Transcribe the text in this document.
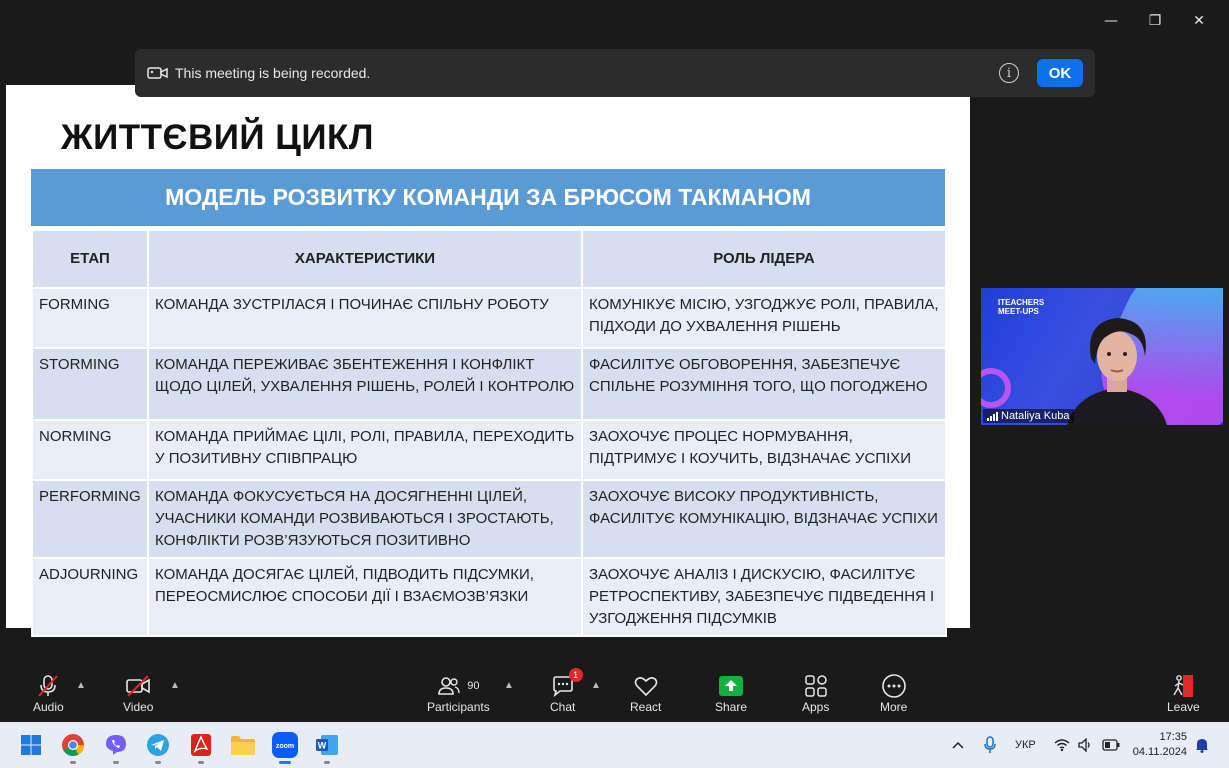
—	❐	✕
This meeting is being recorded.	i	OK
ЖИТТЄВИЙ ЦИКЛ
МОДЕЛЬ РОЗВИТКУ КОМАНДИ ЗА БРЮСОМ ТАКМАНОМ
ЕТАП	ХАРАКТЕРИСТИКИ	РОЛЬ ЛІДЕРА
FORMING	КОМАНДА ЗУСТРІЛАСЯ І ПОЧИНАЄ СПІЛЬНУ РОБОТУ	КОМУНІКУЄ МІСІЮ, УЗГОДЖУЄ РОЛІ, ПРАВИЛА, ПІДХОДИ ДО УХВАЛЕННЯ РІШЕНЬ
STORMING	КОМАНДА ПЕРЕЖИВАЄ ЗБЕНТЕЖЕННЯ І КОНФЛІКТ ЩОДО ЦІЛЕЙ, УХВАЛЕННЯ РІШЕНЬ, РОЛЕЙ І КОНТРОЛЮ	ФАСИЛІТУЄ ОБГОВОРЕННЯ, ЗАБЕЗПЕЧУЄ СПІЛЬНЕ РОЗУМІННЯ ТОГО, ЩО ПОГОДЖЕНО
NORMING	КОМАНДА ПРИЙМАЄ ЦІЛІ, РОЛІ, ПРАВИЛА, ПЕРЕХОДИТЬ У ПОЗИТИВНУ СПІВПРАЦЮ	ЗАОХОЧУЄ ПРОЦЕС НОРМУВАННЯ, ПІДТРИМУЄ І КОУЧИТЬ, ВІДЗНАЧАЄ УСПІХИ
PERFORMING	КОМАНДА ФОКУСУЄТЬСЯ НА ДОСЯГНЕННІ ЦІЛЕЙ, УЧАСНИКИ КОМАНДИ РОЗВИВАЮТЬСЯ І ЗРОСТАЮТЬ, КОНФЛІКТИ РОЗВ’ЯЗУЮТЬСЯ ПОЗИТИВНО	ЗАОХОЧУЄ ВИСОКУ ПРОДУКТИВНІСТЬ, ФАСИЛІТУЄ КОМУНІКАЦІЮ, ВІДЗНАЧАЄ УСПІХИ
ADJOURNING	КОМАНДА ДОСЯГАЄ ЦІЛЕЙ, ПІДВОДИТЬ ПІДСУМКИ, ПЕРЕОСМИСЛЮЄ СПОСОБИ ДІЇ І ВЗАЄМОЗВ’ЯЗКИ	ЗАОХОЧУЄ АНАЛІЗ І ДИСКУСІЮ, ФАСИЛІТУЄ РЕТРОСПЕКТИВУ, ЗАБЕЗПЕЧУЄ ПІДВЕДЕННЯ І УЗГОДЖЕННЯ ПІДСУМКІВ
ITEACHERS
MEET-UPS
Nataliya Kuba
Audio
▲
Video
▲	90
Participants
▲
1
Chat
▲
React	Share	Apps	More	Leave
zoom	W	УКР
17:35
04.11.2024
